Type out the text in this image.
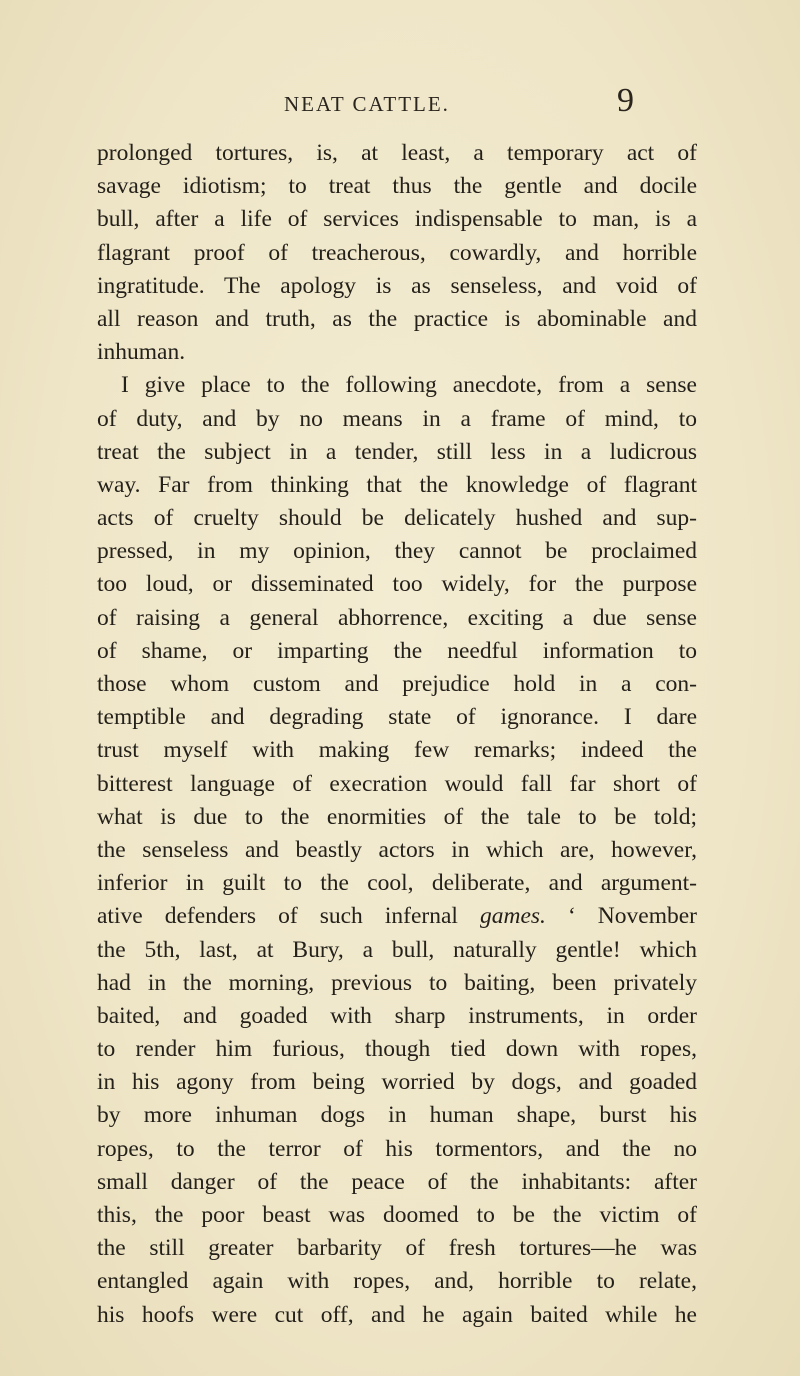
NEAT CATTLE.	9
prolonged tortures, is, at least, a temporary act of
savage idiotism; to treat thus the gentle and docile
bull, after a life of services indispensable to man, is a
flagrant proof of treacherous, cowardly, and horrible
ingratitude. The apology is as senseless, and void of
all reason and truth, as the practice is abominable and
inhuman.
I give place to the following anecdote, from a sense
of duty, and by no means in a frame of mind, to
treat the subject in a tender, still less in a ludicrous
way. Far from thinking that the knowledge of flagrant
acts of cruelty should be delicately hushed and sup-
pressed, in my opinion, they cannot be proclaimed
too loud, or disseminated too widely, for the purpose
of raising a general abhorrence, exciting a due sense
of shame, or imparting the needful information to
those whom custom and prejudice hold in a con-
temptible and degrading state of ignorance. I dare
trust myself with making few remarks; indeed the
bitterest language of execration would fall far short of
what is due to the enormities of the tale to be told;
the senseless and beastly actors in which are, however,
inferior in guilt to the cool, deliberate, and argument-
ative defenders of such infernal games. ‘ November
the 5th, last, at Bury, a bull, naturally gentle! which
had in the morning, previous to baiting, been privately
baited, and goaded with sharp instruments, in order
to render him furious, though tied down with ropes,
in his agony from being worried by dogs, and goaded
by more inhuman dogs in human shape, burst his
ropes, to the terror of his tormentors, and the no
small danger of the peace of the inhabitants: after
this, the poor beast was doomed to be the victim of
the still greater barbarity of fresh tortures—he was
entangled again with ropes, and, horrible to relate,
his hoofs were cut off, and he again baited while he
